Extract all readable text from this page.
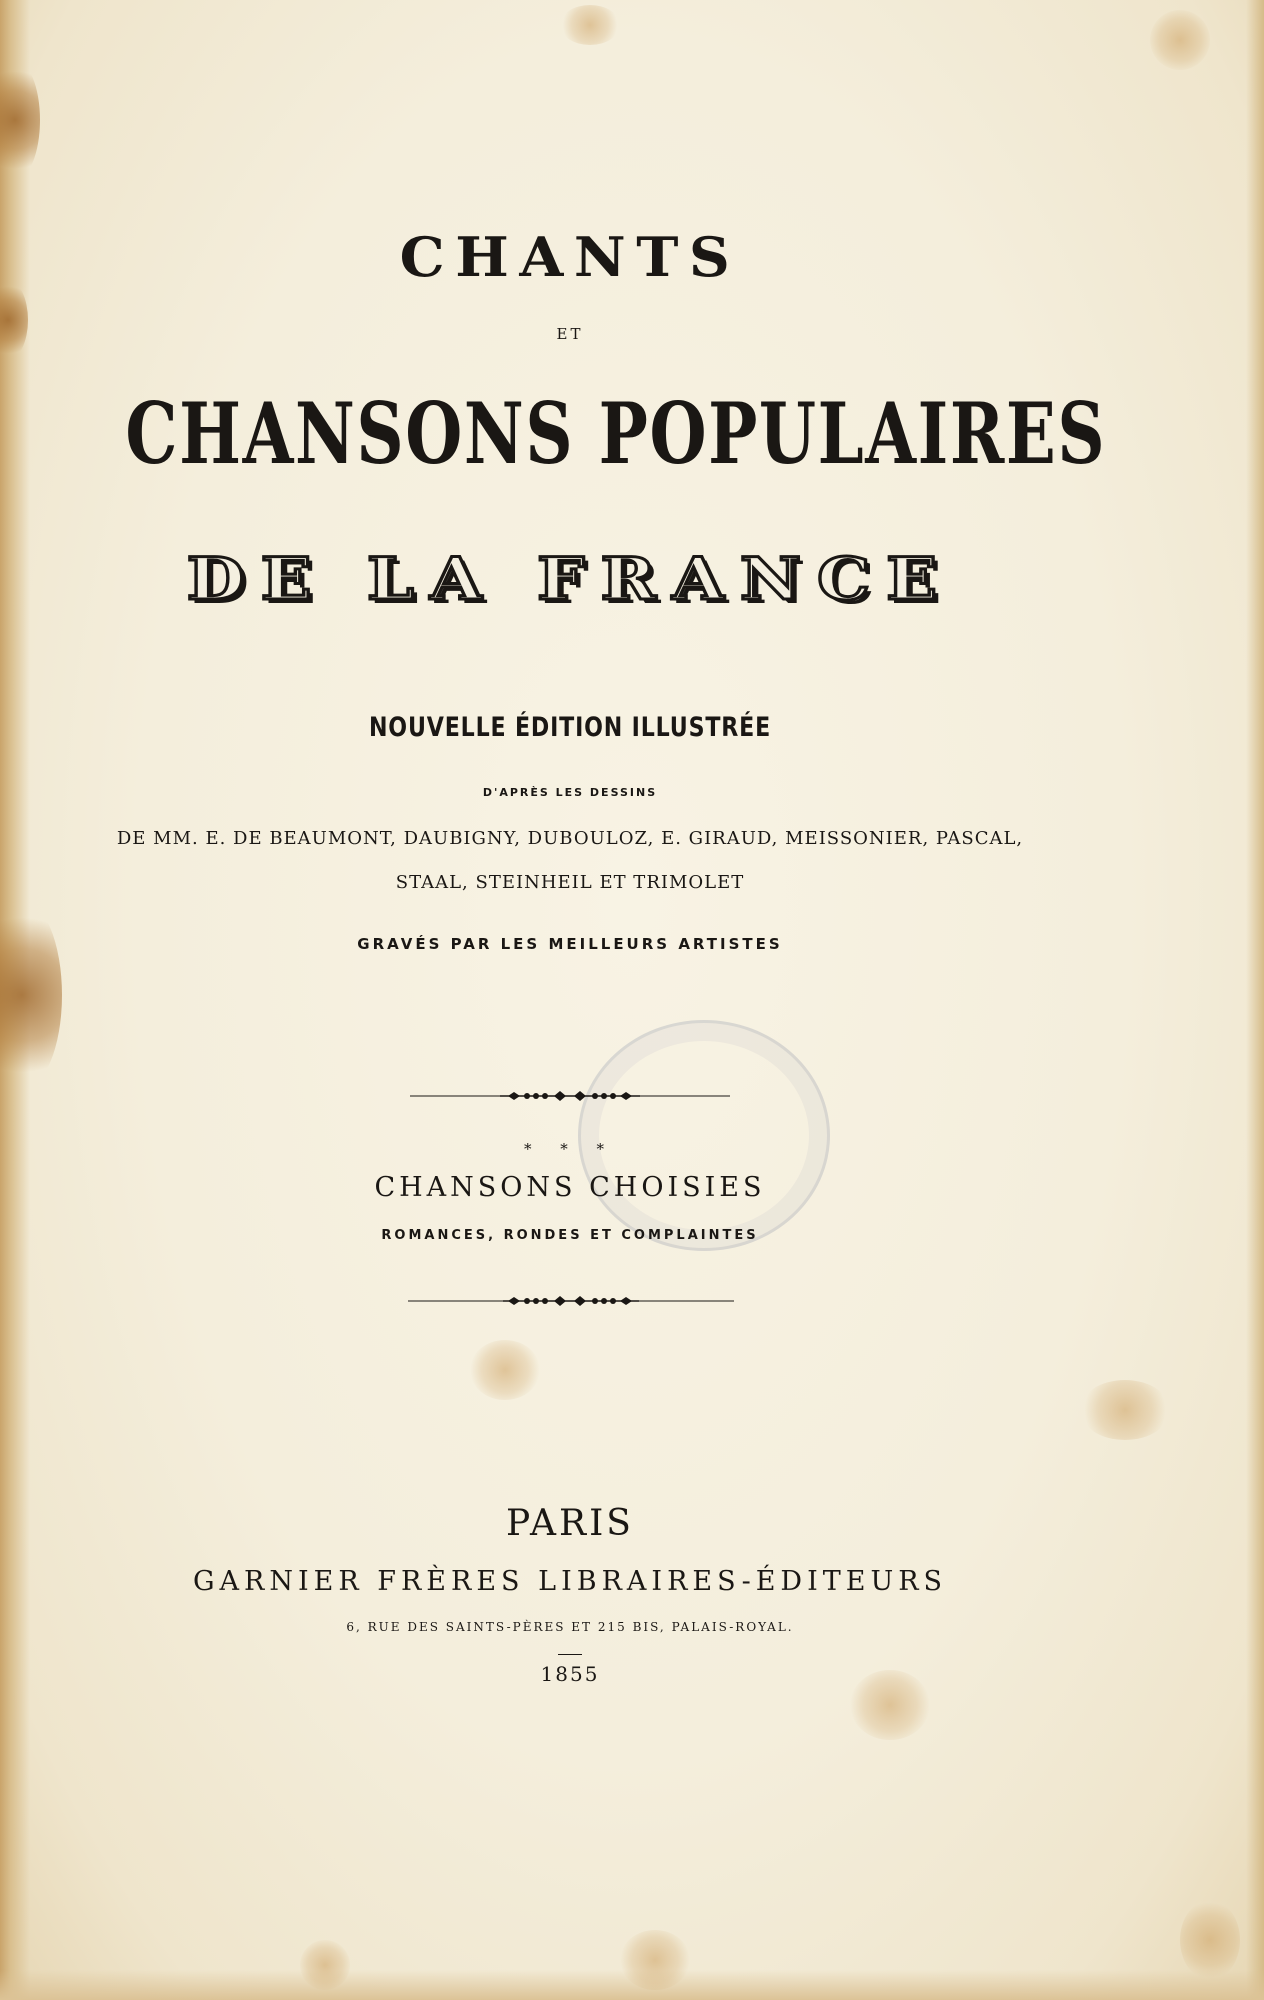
CHANTS
ET
CHANSONS POPULAIRES
DE LA FRANCE
NOUVELLE ÉDITION ILLUSTRÉE
D'APRÈS LES DESSINS
DE MM. E. DE BEAUMONT, DAUBIGNY, DUBOULOZ, E. GIRAUD, MEISSONIER, PASCAL,
STAAL, STEINHEIL ET TRIMOLET
GRAVÉS PAR LES MEILLEURS ARTISTES
* * *
CHANSONS CHOISIES
ROMANCES, RONDES ET COMPLAINTES
PARIS
GARNIER FRÈRES LIBRAIRES-ÉDITEURS
6, RUE DES SAINTS-PÈRES ET 215 BIS, PALAIS-ROYAL.
1855
